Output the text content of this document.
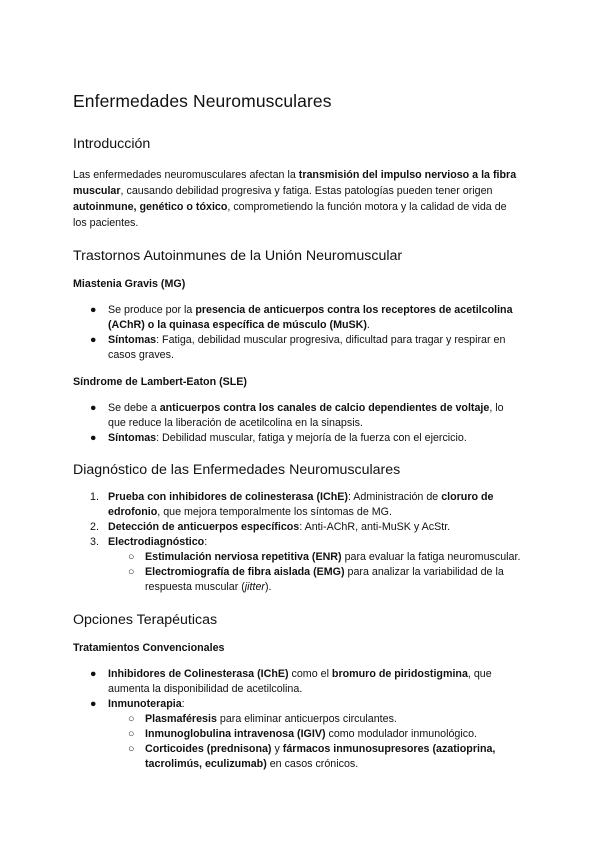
Enfermedades Neuromusculares
Introducción

Las enfermedades neuromusculares afectan la transmisión del impulso nervioso a la fibra muscular, causando debilidad progresiva y fatiga. Estas patologías pueden tener origen autoinmune, genético o tóxico, comprometiendo la función motora y la calidad de vida de los pacientes.

Trastornos Autoinmunes de la Unión Neuromuscular
Miastenia Gravis (MG)
● Se produce por la presencia de anticuerpos contra los receptores de acetilcolina (AChR) o la quinasa específica de músculo (MuSK).
● Síntomas: Fatiga, debilidad muscular progresiva, dificultad para tragar y respirar en casos graves.
Síndrome de Lambert-Eaton (SLE)
● Se debe a anticuerpos contra los canales de calcio dependientes de voltaje, lo que reduce la liberación de acetilcolina en la sinapsis.
● Síntomas: Debilidad muscular, fatiga y mejoría de la fuerza con el ejercicio.
Diagnóstico de las Enfermedades Neuromusculares
1. Prueba con inhibidores de colinesterasa (IChE): Administración de cloruro de edrofonio, que mejora temporalmente los síntomas de MG.
2. Detección de anticuerpos específicos: Anti-AChR, anti-MuSK y AcStr.
3. Electrodiagnóstico:
○ Estimulación nerviosa repetitiva (ENR) para evaluar la fatiga neuromuscular.
○ Electromiografía de fibra aislada (EMG) para analizar la variabilidad de la respuesta muscular (jitter).
Opciones Terapéuticas
Tratamientos Convencionales
● Inhibidores de Colinesterasa (IChE) como el bromuro de piridostigmina, que aumenta la disponibilidad de acetilcolina.
● Inmunoterapia:
○ Plasmaféresis para eliminar anticuerpos circulantes.
○ Inmunoglobulina intravenosa (IGIV) como modulador inmunológico.
○ Corticoides (prednisona) y fármacos inmunosupresores (azatioprina, tacrolimús, eculizumab) en casos crónicos.
